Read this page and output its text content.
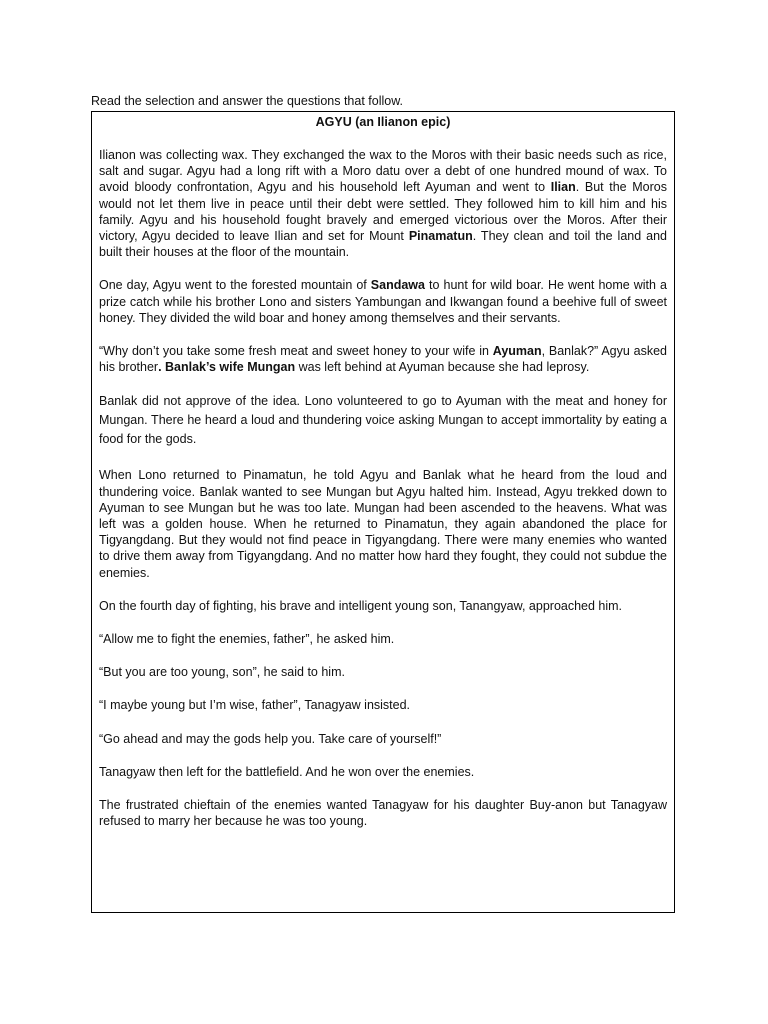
Read the selection and answer the questions that follow.
AGYU (an Ilianon epic)

Ilianon was collecting wax. They exchanged the wax to the Moros with their basic needs such as rice, salt and sugar. Agyu had a long rift with a Moro datu over a debt of one hundred mound of wax. To avoid bloody confrontation, Agyu and his household left Ayuman and went to Ilian. But the Moros would not let them live in peace until their debt were settled. They followed him to kill him and his family. Agyu and his household fought bravely and emerged victorious over the Moros. After their victory, Agyu decided to leave Ilian and set for Mount Pinamatun. They clean and toil the land and built their houses at the floor of the mountain.

One day, Agyu went to the forested mountain of Sandawa to hunt for wild boar. He went home with a prize catch while his brother Lono and sisters Yambungan and Ikwangan found a beehive full of sweet honey. They divided the wild boar and honey among themselves and their servants.

“Why don’t you take some fresh meat and sweet honey to your wife in Ayuman, Banlak?” Agyu asked his brother. Banlak’s wife Mungan was left behind at Ayuman because she had leprosy.

Banlak did not approve of the idea. Lono volunteered to go to Ayuman with the meat and honey for Mungan. There he heard a loud and thundering voice asking Mungan to accept immortality by eating a food for the gods.

When Lono returned to Pinamatun, he told Agyu and Banlak what he heard from the loud and thundering voice. Banlak wanted to see Mungan but Agyu halted him. Instead, Agyu trekked down to Ayuman to see Mungan but he was too late. Mungan had been ascended to the heavens. What was left was a golden house. When he returned to Pinamatun, they again abandoned the place for Tigyangdang. But they would not find peace in Tigyangdang. There were many enemies who wanted to drive them away from Tigyangdang. And no matter how hard they fought, they could not subdue the enemies.

On the fourth day of fighting, his brave and intelligent young son, Tanangyaw, approached him.

“Allow me to fight the enemies, father”, he asked him.

“But you are too young, son”, he said to him.

“I maybe young but I’m wise, father”, Tanagyaw insisted.

“Go ahead and may the gods help you. Take care of yourself!”

Tanagyaw then left for the battlefield. And he won over the enemies.

The frustrated chieftain of the enemies wanted Tanagyaw for his daughter Buy-anon but Tanagyaw refused to marry her because he was too young.
